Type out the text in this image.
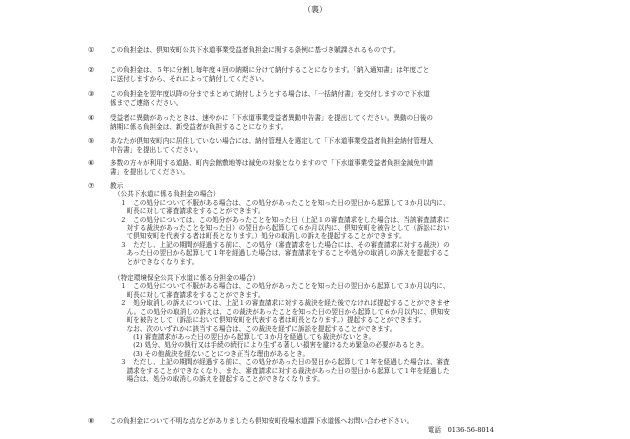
（裏）
① この負担金は、倶知安町公共下水道事業受益者負担金に関する条例に基づき賦課されるものです。
② この負担金は、５年に分割し毎年度４回の納期に分けて納付することになります。「納入通知書」は年度ごと
に送付しますから、それによって納付してください。
③ この負担金を翌年度以降の分までまとめて納付しようとする場合は、「一括納付書」を交付しますので下水道
係までご連絡ください。
④ 受益者に異動があったときは、速やかに「下水道事業受益者異動申告書」を提出してください。異動の日後の
納期に係る負担金は、新受益者が負担することになります。
⑤ あなたが倶知安町内に居住していない場合には、納付管理人を選定して「下水道事業受益者負担金納付管理人
申告書」を提出してください。
⑥ 多数の方々が利用する道路、町内会館敷地等は減免の対象となりますので「下水道事業受益者負担金減免申請
書」を提出してください。
⑦ 教示
（公共下水道に係る負担金の場合）
１　この処分について不服がある場合は、この処分があったことを知った日の翌日から起算して３か月以内に、
　町長に対して審査請求をすることができます。
２　この処分については、この処分があったことを知った日（上記１の審査請求をした場合は、当該審査請求に
　対する裁決があったことを知った日）の翌日から起算して６か月以内に、倶知安町を被告として（訴訟におい
　て倶知安町を代表する者は町長となります。）処分の取消しの訴えを提起することができます。
３　ただし、上記の期間が経過する前に、この処分（審査請求をした場合には、その審査請求に対する裁決）の
　あった日の翌日から起算して１年を経過した場合は、審査請求をすることや処分の取消しの訴えを提起するこ
　とができなくなります。
（特定環境保全公共下水道に係る分担金の場合）
１　この処分について不服がある場合は、この処分があったことを知った日の翌日から起算して３か月以内に、
　町長に対して審査請求をすることができます。
２　処分取消しの訴えについては、上記１の審査請求に対する裁決を経た後でなければ提起することができませ
　ん。この処分の取消しの訴えは、この裁決があったことを知った日の翌日から起算して６か月以内に、倶知安
　町を被告として（訴訟において倶知安町を代表する者は町長となります。）提起することができます。
　なお、次のいずれかに該当する場合は、この裁決を経ずに訴訟を提起することができます。
　　(1) 審査請求があった日の翌日から起算して３か月を経過しても裁決がないとき。
　　(2) 処分、処分の執行又は手続の続行により生ずる著しい損害を避けるため緊急の必要があるとき。
　　(3) その他裁決を経ないことにつき正当な理由があるとき。
３　ただし、上記の期間が経過する前に、この処分があった日の翌日から起算して１年を経過した場合は、審査
　請求をすることができなくなり、また、審査請求に対する裁決があった日の翌日から起算して１年を経過した
　場合は、処分の取消しの訴えを提起することができなくなります。
⑧ この負担金について不明な点などがありましたら倶知安町役場水道課下水道係へお問い合わせ下さい。
電話　0136-56-8014
